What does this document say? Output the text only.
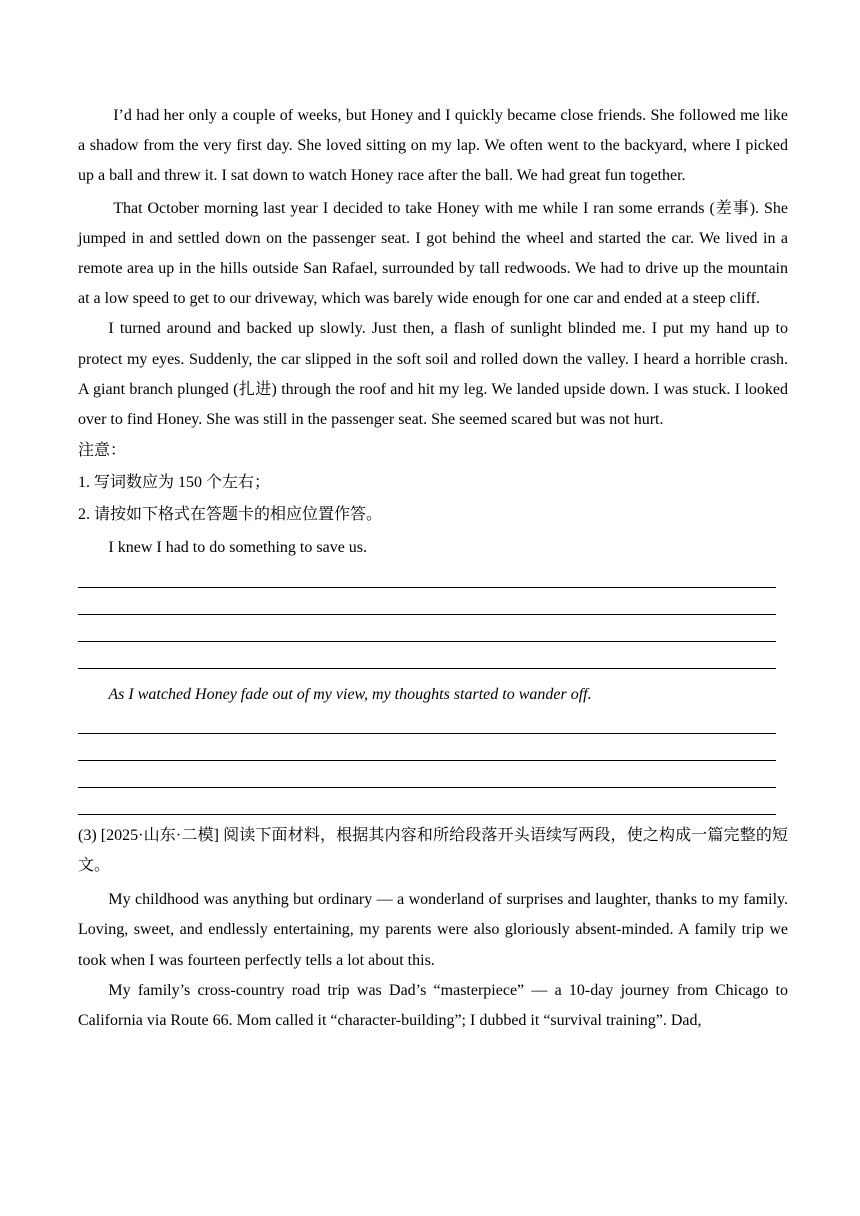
I’d had her only a couple of weeks, but Honey and I quickly became close friends. She followed me like a shadow from the very first day. She loved sitting on my lap. We often went to the backyard, where I picked up a ball and threw it. I sat down to watch Honey race after the ball. We had great fun together.

That October morning last year I decided to take Honey with me while I ran some errands (差事). She jumped in and settled down on the passenger seat. I got behind the wheel and started the car. We lived in a remote area up in the hills outside San Rafael, surrounded by tall redwoods. We had to drive up the mountain at a low speed to get to our driveway, which was barely wide enough for one car and ended at a steep cliff.

I turned around and backed up slowly. Just then, a flash of sunlight blinded me. I put my hand up to protect my eyes. Suddenly, the car slipped in the soft soil and rolled down the valley. I heard a horrible crash. A giant branch plunged (扎进) through the roof and hit my leg. We landed upside down. I was stuck. I looked over to find Honey. She was still in the passenger seat. She seemed scared but was not hurt.

注意：

1. 写词数应为 150 个左右；

2. 请按如下格式在答题卡的相应位置作答。

I knew I had to do something to save us.

As I watched Honey fade out of my view, my thoughts started to wander off.

(3) [2025·山东·二模] 阅读下面材料，根据其内容和所给段落开头语续写两段，使之构成一篇完整的短文。

My childhood was anything but ordinary — a wonderland of surprises and laughter, thanks to my family. Loving, sweet, and endlessly entertaining, my parents were also gloriously absent-minded. A family trip we took when I was fourteen perfectly tells a lot about this.

My family’s cross-country road trip was Dad’s “masterpiece” — a 10-day journey from Chicago to California via Route 66. Mom called it “character-building”; I dubbed it “survival training”. Dad,
